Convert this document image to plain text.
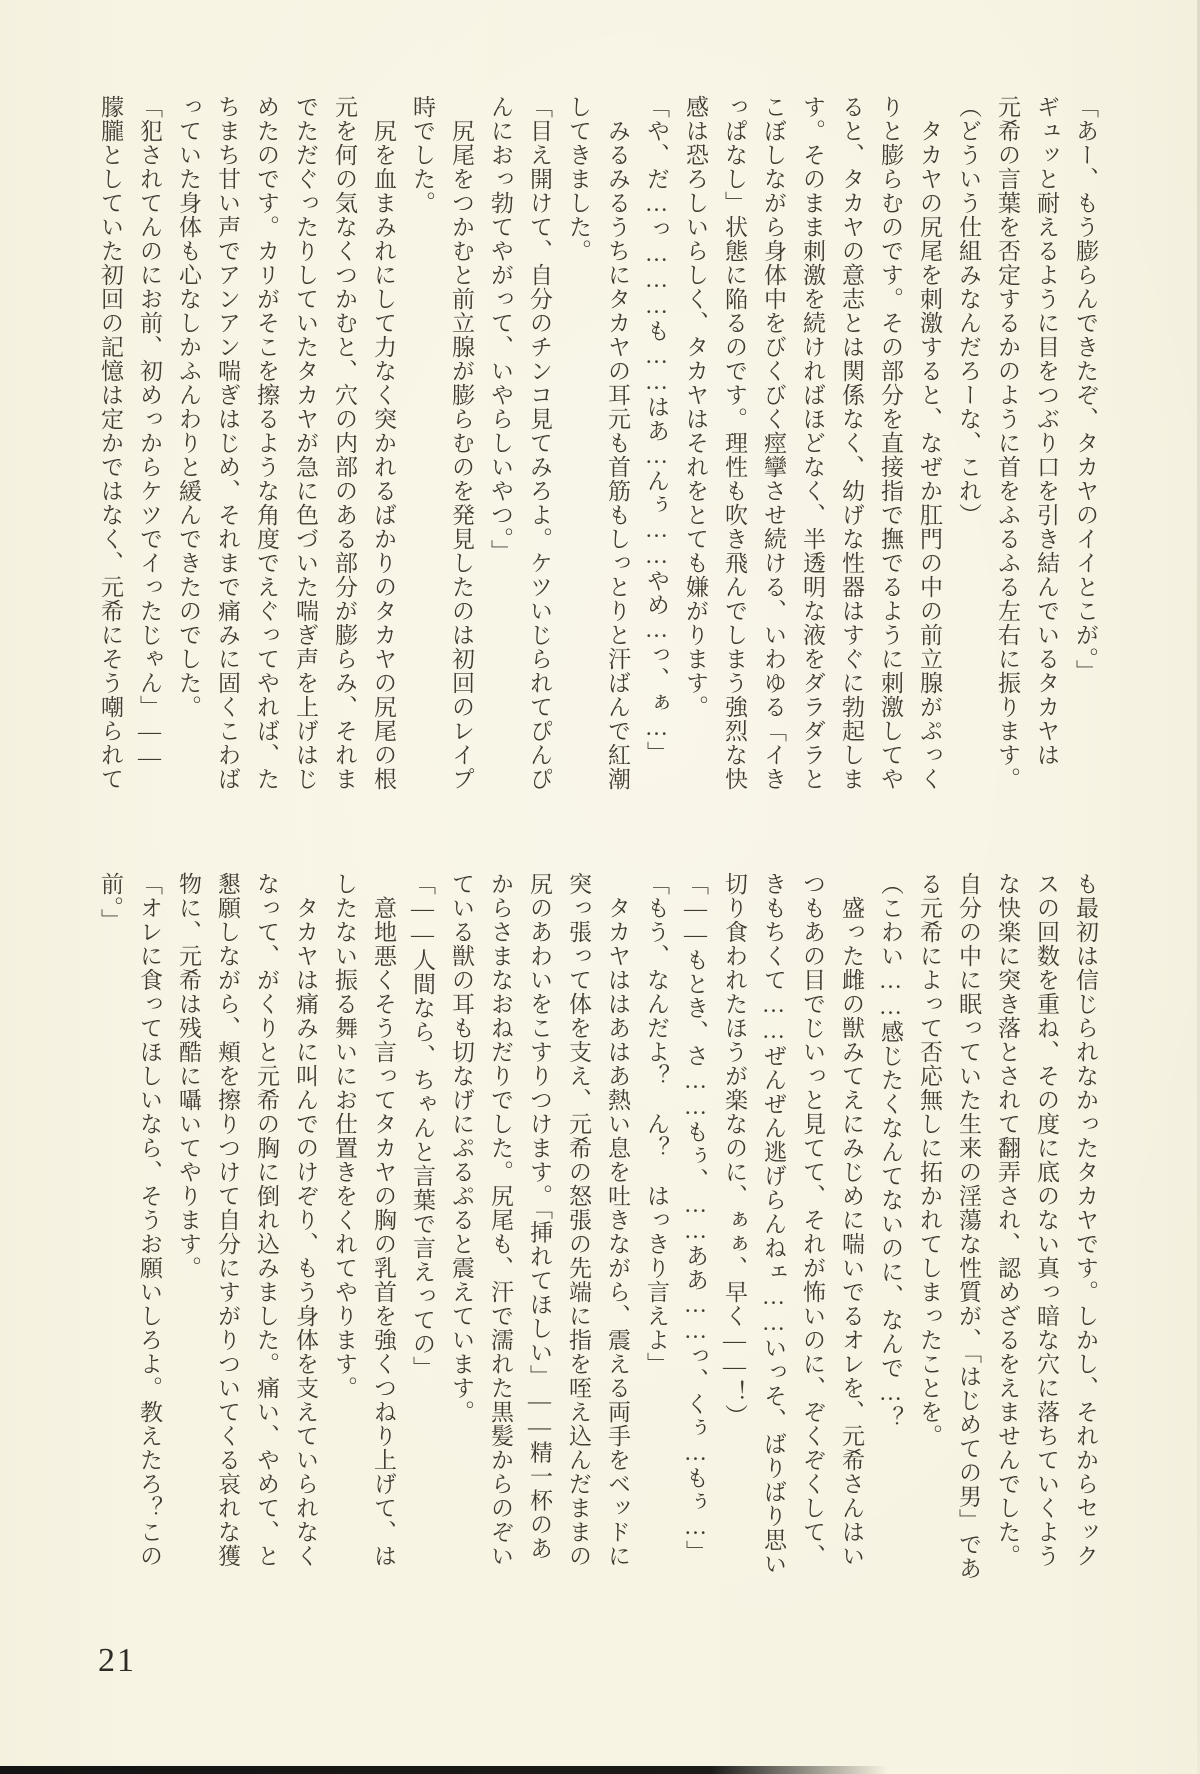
「あー、もう膨らんできたぞ、タカヤのイイとこが。」
ギュッと耐えるように目をつぶり口を引き結んでいるタカヤは
元希の言葉を否定するかのように首をふるふる左右に振ります。
（どういう仕組みなんだろーな、これ）
　タカヤの尻尾を刺激すると、なぜか肛門の中の前立腺がぷっく
りと膨らむのです。その部分を直接指で撫でるように刺激してや
ると、タカヤの意志とは関係なく、幼げな性器はすぐに勃起しま
す。そのまま刺激を続ければほどなく、半透明な液をダラダラと
こぼしながら身体中をびくびく痙攣させ続ける、いわゆる「イき
っぱなし」状態に陥るのです。理性も吹き飛んでしまう強烈な快
感は恐ろしいらしく、タカヤはそれをとても嫌がります。
「や、だ…っ………も……はあ…んぅ……やめ…っ、ぁ…」
　みるみるうちにタカヤの耳元も首筋もしっとりと汗ばんで紅潮
してきました。
「目え開けて、自分のチンコ見てみろよ。ケツいじられてぴんぴ
んにおっ勃てやがって、いやらしいやつ。」
　尻尾をつかむと前立腺が膨らむのを発見したのは初回のレイプ
時でした。
　尻を血まみれにして力なく突かれるばかりのタカヤの尻尾の根
元を何の気なくつかむと、穴の内部のある部分が膨らみ、それま
でただぐったりしていたタカヤが急に色づいた喘ぎ声を上げはじ
めたのです。カリがそこを擦るような角度でえぐってやれば、た
ちまち甘い声でアンアン喘ぎはじめ、それまで痛みに固くこわば
っていた身体も心なしかふんわりと緩んできたのでした。
「犯されてんのにお前、初めっからケツでイったじゃん」――
朦朧としていた初回の記憶は定かではなく、元希にそう嘲られて
も最初は信じられなかったタカヤです。しかし、それからセック
スの回数を重ね、その度に底のない真っ暗な穴に落ちていくよう
な快楽に突き落とされて翻弄され、認めざるをえませんでした。
自分の中に眠っていた生来の淫蕩な性質が、「はじめての男」であ
る元希によって否応無しに拓かれてしまったことを。
（こわい……感じたくなんてないのに、なんで…？
　盛った雌の獣みてえにみじめに喘いでるオレを、元希さんはい
つもあの目でじいっと見てて、それが怖いのに、ぞくぞくして、
きもちくて……ぜんぜん逃げらんねェ……いっそ、ばりばり思い
切り食われたほうが楽なのに、ぁぁ、早く――！）
「――もとき、さ……もぅ、……ああ……っ、くぅ…もぅ…」
「もう、なんだよ？　ん？　はっきり言えよ」
　タカヤははあはあ熱い息を吐きながら、震える両手をベッドに
突っ張って体を支え、元希の怒張の先端に指を咥え込んだままの
尻のあわいをこすりつけます。「挿れてほしい」――精一杯のあ
からさまなおねだりでした。尻尾も、汗で濡れた黒髪からのぞい
ている獣の耳も切なげにぷるぷると震えています。
「――人間なら、ちゃんと言葉で言えっての」
　意地悪くそう言ってタカヤの胸の乳首を強くつねり上げて、は
したない振る舞いにお仕置きをくれてやります。
　タカヤは痛みに叫んでのけぞり、もう身体を支えていられなく
なって、がくりと元希の胸に倒れ込みました。痛い、やめて、と
懇願しながら、頬を擦りつけて自分にすがりついてくる哀れな獲
物に、元希は残酷に囁いてやります。
「オレに食ってほしいなら、そうお願いしろよ。教えたろ？この
前。」
21
